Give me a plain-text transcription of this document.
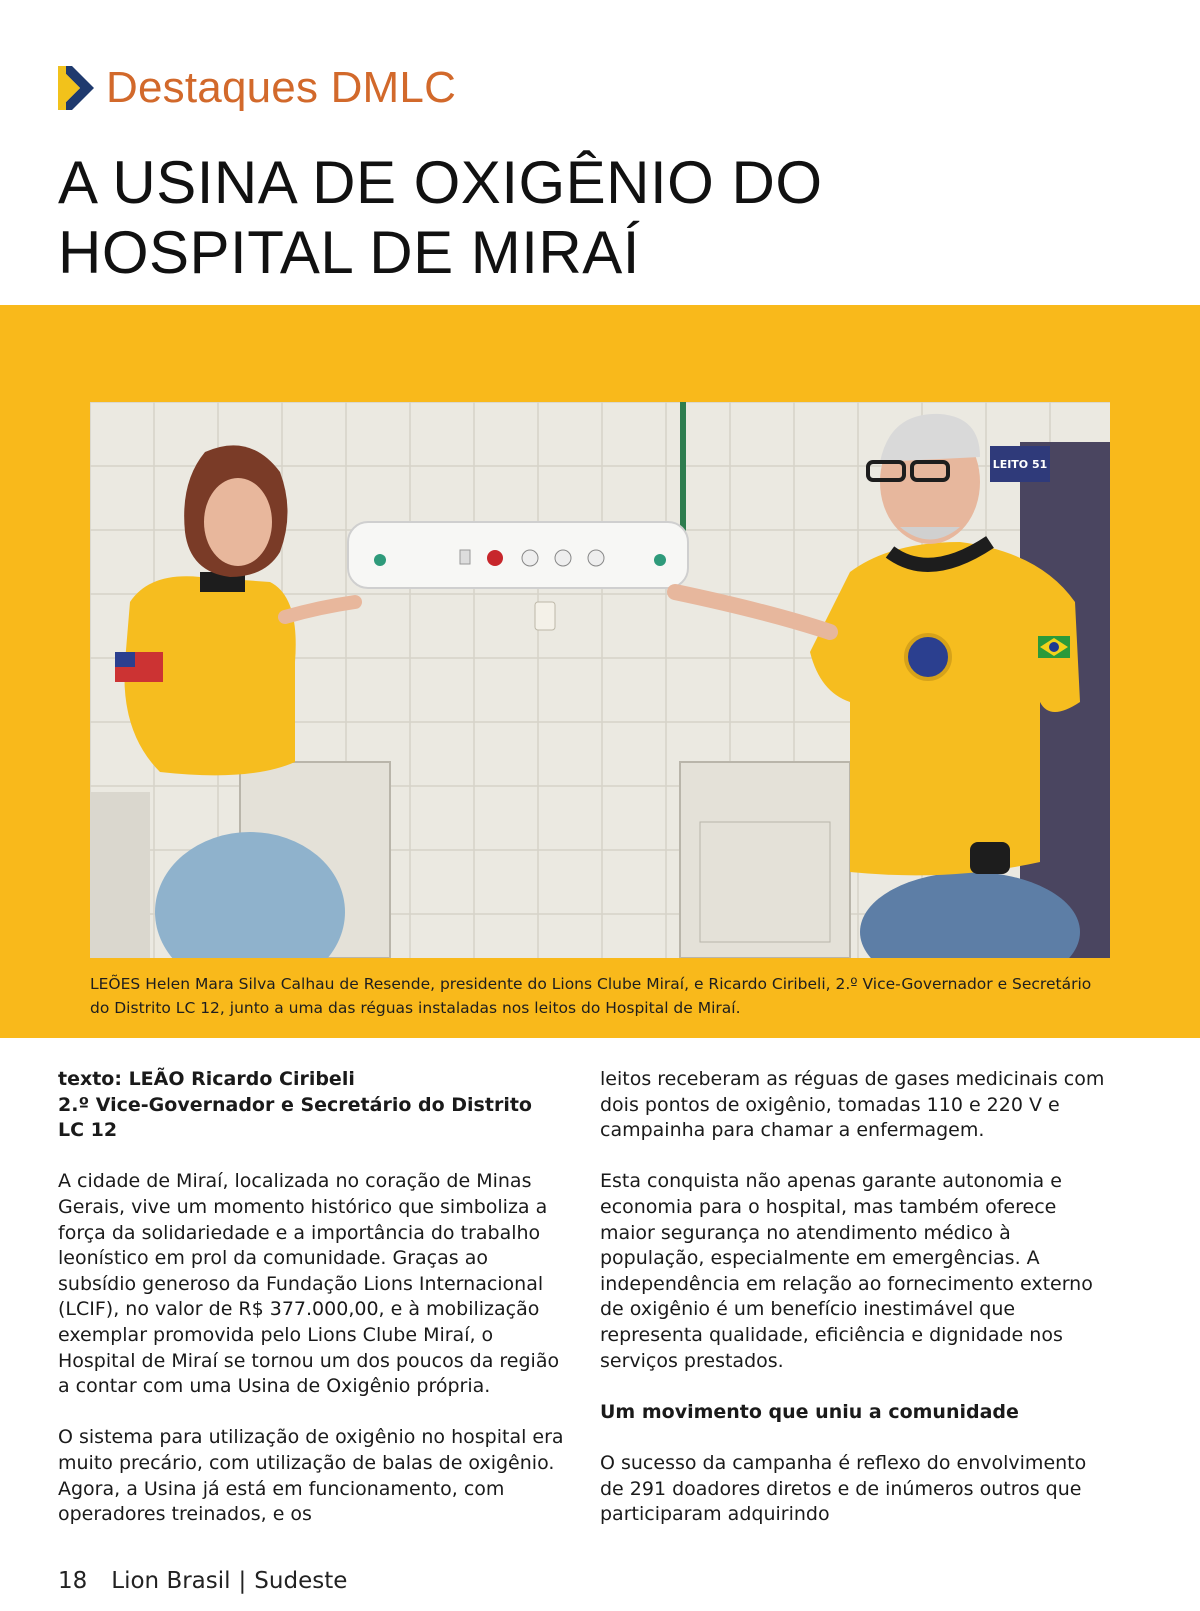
Destaques DMLC
A USINA DE OXIGÊNIO DO
HOSPITAL DE MIRAÍ
LEITO 51
LEÕES Helen Mara Silva Calhau de Resende, presidente do Lions Clube Miraí, e Ricardo Ciribeli, 2.º Vice-Governador e Secretário
do Distrito LC 12, junto a uma das réguas instaladas nos leitos do Hospital de Miraí.

texto: LEÃO Ricardo Ciribeli
2.º Vice-Governador e Secretário do Distrito LC 12

A cidade de Miraí, localizada no coração de Minas Gerais, vive um momento histórico que simboliza a força da solidariedade e a importância do trabalho leonístico em prol da comunidade. Graças ao subsídio generoso da Fundação Lions Internacional (LCIF), no valor de R$ 377.000,00, e à mobilização exemplar promovida pelo Lions Clube Miraí, o Hospital de Miraí se tornou um dos poucos da região a contar com uma Usina de Oxigênio própria.

O sistema para utilização de oxigênio no hospital era muito precário, com utilização de balas de oxigênio. Agora, a Usina já está em funcionamento, com operadores treinados, e os

leitos receberam as réguas de gases medicinais com dois pontos de oxigênio, tomadas 110 e 220 V e campainha para chamar a enfermagem.

Esta conquista não apenas garante autonomia e economia para o hospital, mas também oferece maior segurança no atendimento médico à população, especialmente em emergências. A independência em relação ao fornecimento externo de oxigênio é um benefício inestimável que representa qualidade, eficiência e dignidade nos serviços prestados.

Um movimento que uniu a comunidade

O sucesso da campanha é reflexo do envolvimento de 291 doadores diretos e de inúmeros outros que participaram adquirindo

18 Lion Brasil | Sudeste
